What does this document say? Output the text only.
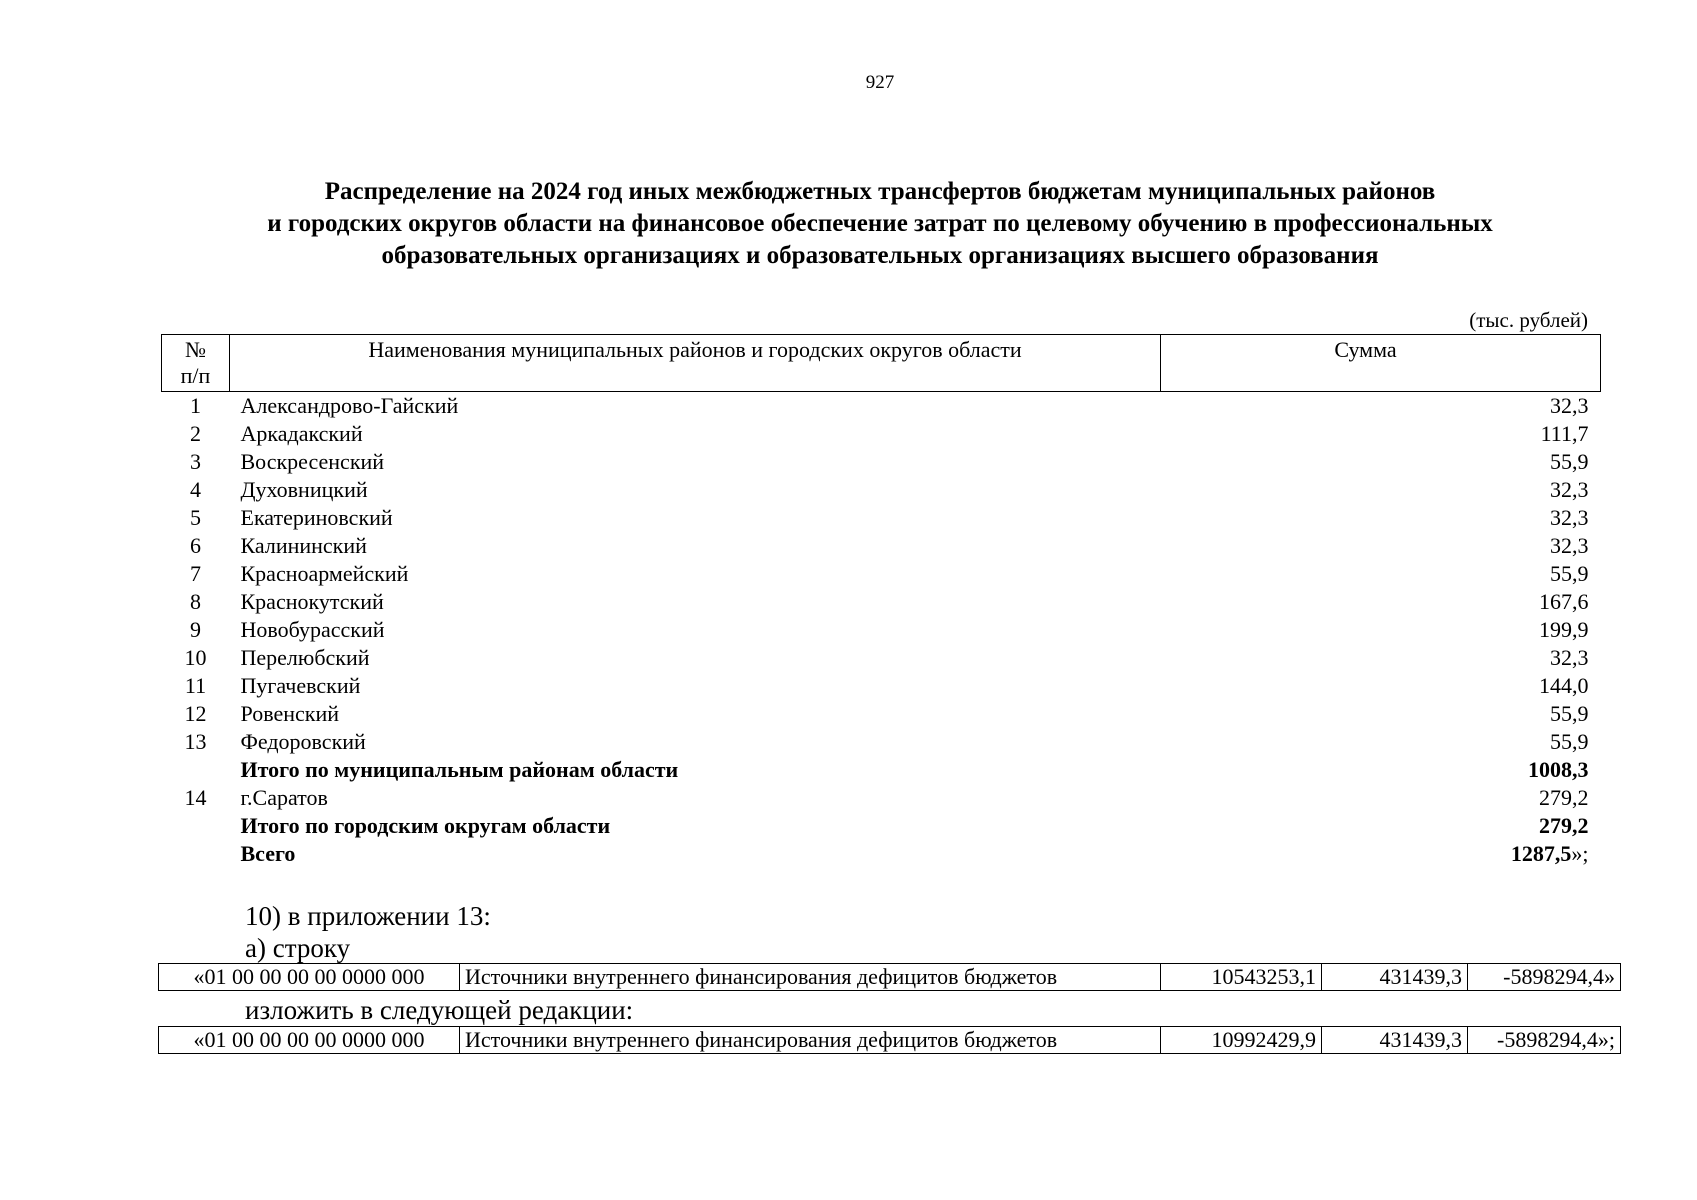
927
Распределение на 2024 год иных межбюджетных трансфертов бюджетам муниципальных районов
и городских округов области на финансовое обеспечение затрат по целевому обучению в профессиональных
образовательных организациях и образовательных организациях высшего образования
(тыс. рублей)
№
п/п	Наименования муниципальных районов и городских округов области	Сумма
1	Александрово-Гайский	32,3
2	Аркадакский	111,7
3	Воскресенский	55,9
4	Духовницкий	32,3
5	Екатериновский	32,3
6	Калининский	32,3
7	Красноармейский	55,9
8	Краснокутский	167,6
9	Новобурасский	199,9
10	Перелюбский	32,3
11	Пугачевский	144,0
12	Ровенский	55,9
13	Федоровский	55,9
	Итого по муниципальным районам области	1008,3
14	г.Саратов	279,2
	Итого по городским округам области	279,2
	Всего	1287,5»;
10) в приложении 13:
а) строку
«01 00 00 00 00 0000 000	Источники внутреннего финансирования дефицитов бюджетов	10543253,1	431439,3	-5898294,4»
изложить в следующей редакции:
«01 00 00 00 00 0000 000	Источники внутреннего финансирования дефицитов бюджетов	10992429,9	431439,3	-5898294,4»;
